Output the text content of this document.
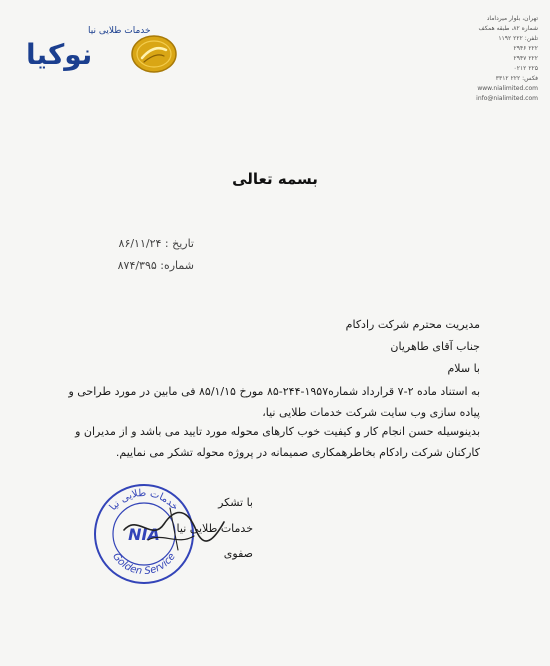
خدمات طلایی نیا
نوکیا
تهران، بلوار میرداماد
شماره ۸۲، طبقه همکف
تلفن: ۲۲۲ ۱۱۹۲
۲۲۲ ۲۹۴۶
۲۲۲ ۲۹۴۷
۲۲۵ ۰۲۱۲
فکس: ۲۲۲ ۳۳۱۲
www.nialimited.com
info@nialimited.com
بسمه تعالی
تاریخ : ۸۶/۱۱/۲۴
شماره: ۸۷۴/۳۹۵
مدیریت محترم شرکت رادکام
جناب آقای طاهریان
با سلام
به استناد ماده ۲-۷ قرارداد شماره۱۹۵۷-۲۴۴-۸۵ مورخ ۸۵/۱/۱۵ فی مابین در مورد طراحی و پیاده سازی وب سایت شرکت خدمات طلایی نیا،
بدینوسیله حسن انجام کار و کیفیت خوب کارهای محوله مورد تایید می باشد و از مدیران و کارکنان شرکت رادکام بخاطرهمکاری صمیمانه در پروژه محوله تشکر می نماییم.
خدمات طلایی نیا
Golden Service
NIA
با تشکر
خدمات طلایی نیا
صفوی
